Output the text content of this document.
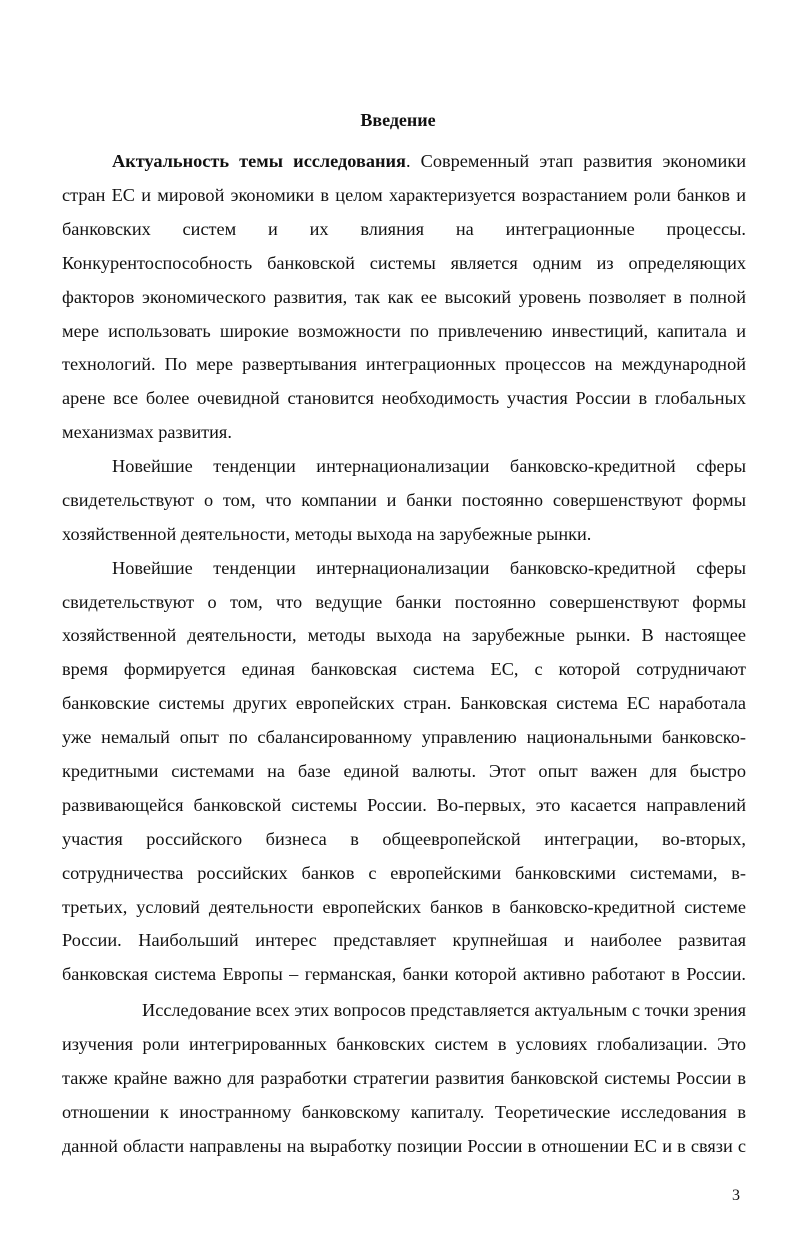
Введение
Актуальность темы исследования. Современный этап развития экономики
стран ЕС и мировой экономики в целом характеризуется возрастанием роли банков и
банковских систем и их влияния на интеграционные процессы.
Конкурентоспособность банковской системы является одним из определяющих
факторов экономического развития, так как ее высокий уровень позволяет в полной
мере использовать широкие возможности по привлечению инвестиций, капитала и
технологий. По мере развертывания интеграционных процессов на международной
арене все более очевидной становится необходимость участия России в глобальных
механизмах развития.
Новейшие тенденции интернационализации банковско-кредитной сферы
свидетельствуют о том, что компании и банки постоянно совершенствуют формы
хозяйственной деятельности, методы выхода на зарубежные рынки.
Новейшие тенденции интернационализации банковско-кредитной сферы
свидетельствуют о том, что ведущие банки постоянно совершенствуют формы
хозяйственной деятельности, методы выхода на зарубежные рынки. В настоящее
время формируется единая банковская система ЕС, с которой сотрудничают
банковские системы других европейских стран. Банковская система ЕС наработала
уже немалый опыт по сбалансированному управлению национальными банковско-
кредитными системами на базе единой валюты. Этот опыт важен для быстро
развивающейся банковской системы России. Во-первых, это касается направлений
участия российского бизнеса в общеевропейской интеграции, во-вторых,
сотрудничества российских банков с европейскими банковскими системами, в-
третьих, условий деятельности европейских банков в банковско-кредитной системе
России. Наибольший интерес представляет крупнейшая и наиболее развитая
банковская система Европы – германская, банки которой активно работают в России.
Исследование всех этих вопросов представляется актуальным с точки зрения
изучения роли интегрированных банковских систем в условиях глобализации. Это
также крайне важно для разработки стратегии развития банковской системы России в
отношении к иностранному банковскому капиталу. Теоретические исследования в
данной области направлены на выработку позиции России в отношении ЕС и в связи с
3
